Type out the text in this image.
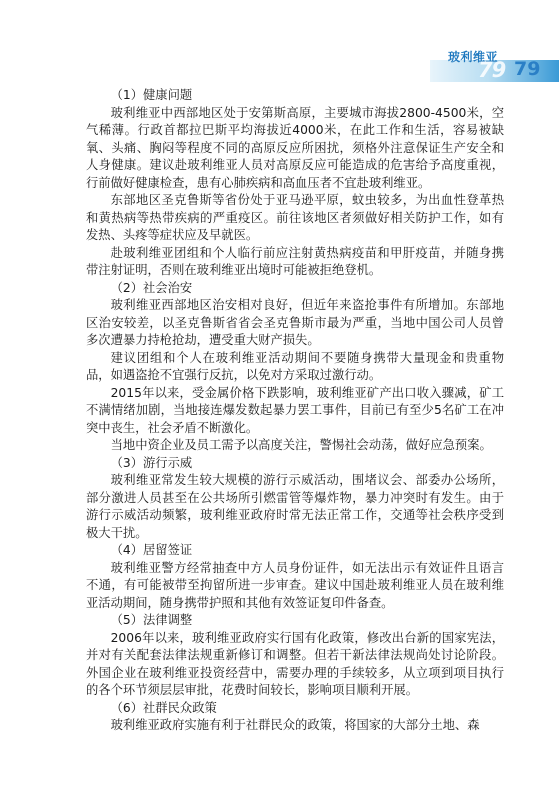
玻利维亚
79 79
（1）健康问题

玻利维亚中西部地区处于安第斯高原，主要城市海拔2800-4500米，空气稀薄。行政首都拉巴斯平均海拔近4000米，在此工作和生活，容易被缺氧、头痛、胸闷等程度不同的高原反应所困扰，须格外注意保证生产安全和人身健康。建议赴玻利维亚人员对高原反应可能造成的危害给予高度重视，行前做好健康检查，患有心肺疾病和高血压者不宜赴玻利维亚。

东部地区圣克鲁斯等省份处于亚马逊平原，蚊虫较多，为出血性登革热和黄热病等热带疾病的严重疫区。前往该地区者须做好相关防护工作，如有发热、头疼等症状应及早就医。

赴玻利维亚团组和个人临行前应注射黄热病疫苗和甲肝疫苗，并随身携带注射证明，否则在玻利维亚出境时可能被拒绝登机。

（2）社会治安

玻利维亚西部地区治安相对良好，但近年来盗抢事件有所增加。东部地区治安较差，以圣克鲁斯省省会圣克鲁斯市最为严重，当地中国公司人员曾多次遭暴力持枪抢劫，遭受重大财产损失。

建议团组和个人在玻利维亚活动期间不要随身携带大量现金和贵重物品，如遇盗抢不宜强行反抗，以免对方采取过激行动。

2015年以来，受金属价格下跌影响，玻利维亚矿产出口收入骤减，矿工不满情绪加剧，当地接连爆发数起暴力罢工事件，目前已有至少5名矿工在冲突中丧生，社会矛盾不断激化。

当地中资企业及员工需予以高度关注，警惕社会动荡，做好应急预案。

（3）游行示威

玻利维亚常发生较大规模的游行示威活动，围堵议会、部委办公场所，部分激进人员甚至在公共场所引燃雷管等爆炸物，暴力冲突时有发生。由于游行示威活动频繁，玻利维亚政府时常无法正常工作，交通等社会秩序受到极大干扰。

（4）居留签证

玻利维亚警方经常抽查中方人员身份证件，如无法出示有效证件且语言不通，有可能被带至拘留所进一步审查。建议中国赴玻利维亚人员在玻利维亚活动期间，随身携带护照和其他有效签证复印件备查。

（5）法律调整

2006年以来，玻利维亚政府实行国有化政策，修改出台新的国家宪法，并对有关配套法律法规重新修订和调整。但若干新法律法规尚处讨论阶段。外国企业在玻利维亚投资经营中，需要办理的手续较多，从立项到项目执行的各个环节须层层审批，花费时间较长，影响项目顺利开展。

（6）社群民众政策

玻利维亚政府实施有利于社群民众的政策，将国家的大部分土地、森
